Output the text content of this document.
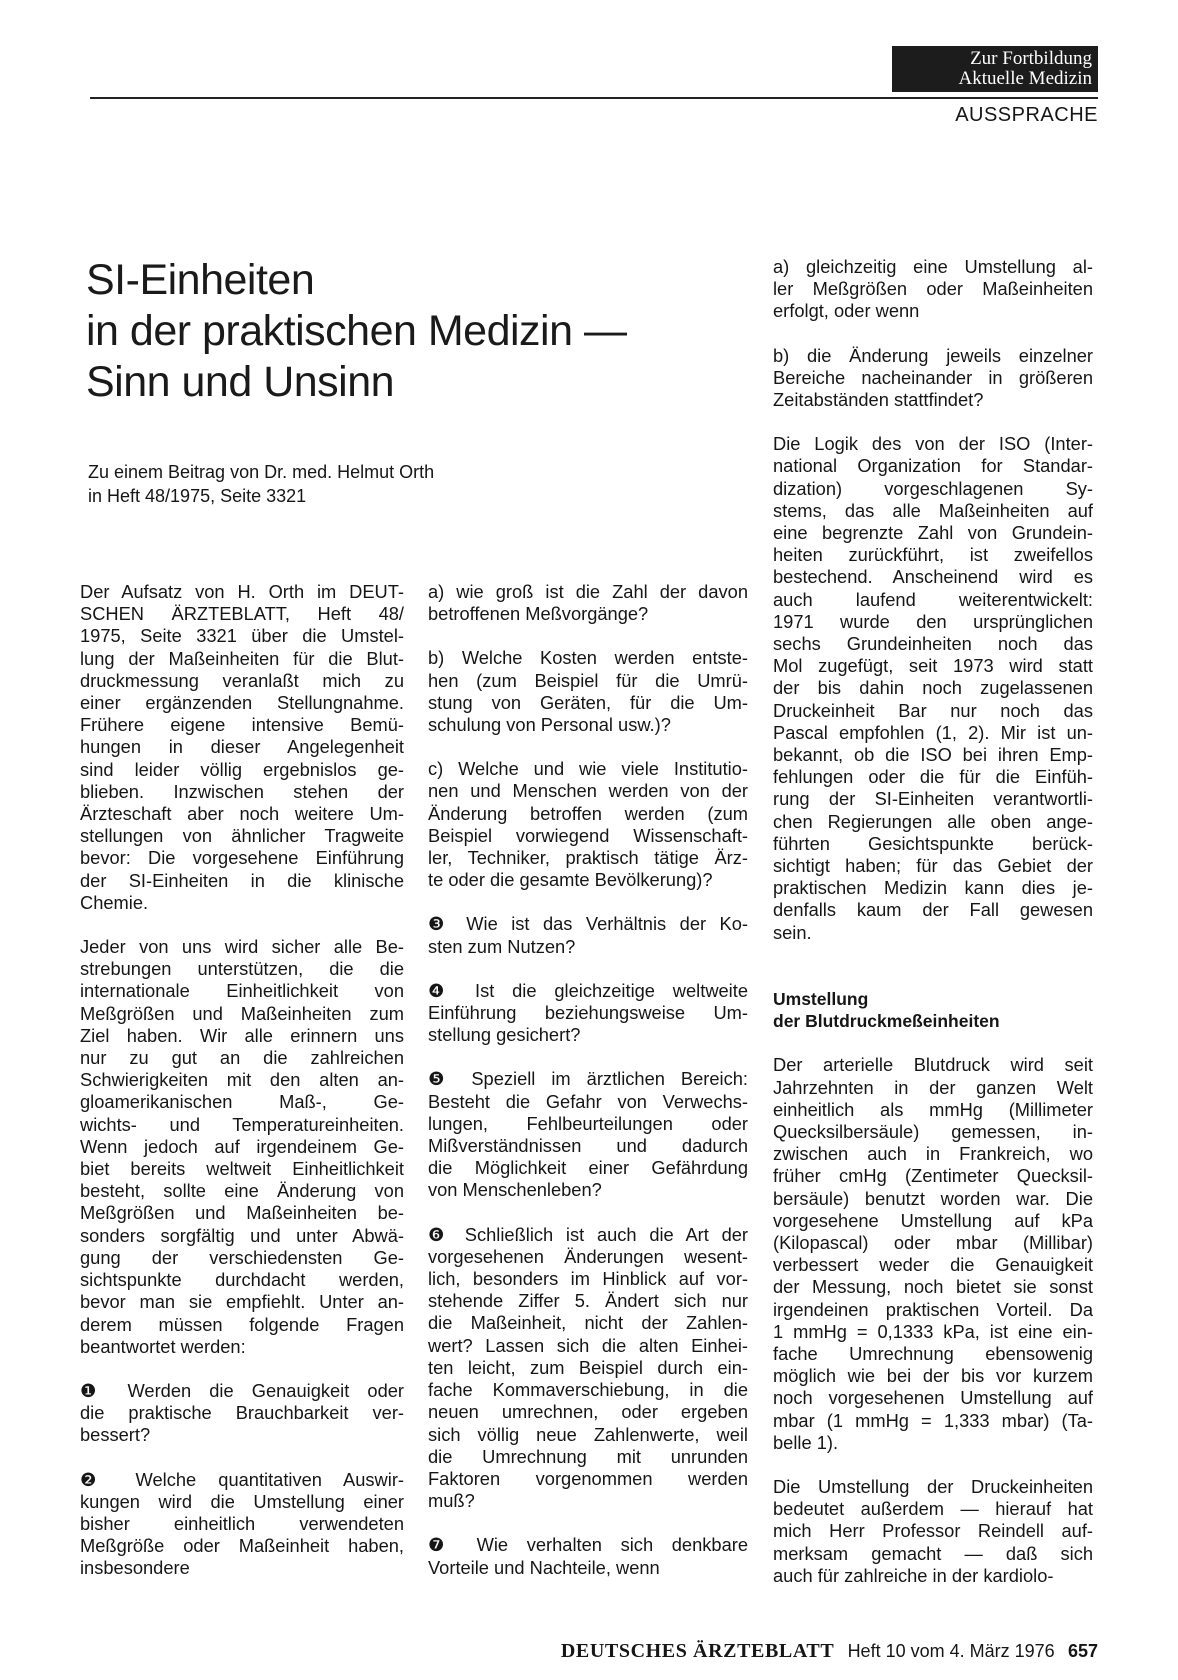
Zur Fortbildung
Aktuelle Medizin
AUSSPRACHE
SI-Einheiten
in der praktischen Medizin —
Sinn und Unsinn
Zu einem Beitrag von Dr. med. Helmut Orth
in Heft 48/1975, Seite 3321
Der Aufsatz von H. Orth im DEUT-
SCHEN ÄRZTEBLATT, Heft 48/
1975, Seite 3321 über die Umstel-
lung der Maßeinheiten für die Blut-
druckmessung veranlaßt mich zu
einer ergänzenden Stellungnahme.
Frühere eigene intensive Bemü-
hungen in dieser Angelegenheit
sind leider völlig ergebnislos ge-
blieben. Inzwischen stehen der
Ärzteschaft aber noch weitere Um-
stellungen von ähnlicher Tragweite
bevor: Die vorgesehene Einführung
der SI-Einheiten in die klinische
Chemie.
Jeder von uns wird sicher alle Be-
strebungen unterstützen, die die
internationale Einheitlichkeit von
Meßgrößen und Maßeinheiten zum
Ziel haben. Wir alle erinnern uns
nur zu gut an die zahlreichen
Schwierigkeiten mit den alten an-
gloamerikanischen Maß-, Ge-
wichts- und Temperatureinheiten.
Wenn jedoch auf irgendeinem Ge-
biet bereits weltweit Einheitlichkeit
besteht, sollte eine Änderung von
Meßgrößen und Maßeinheiten be-
sonders sorgfältig und unter Abwä-
gung der verschiedensten Ge-
sichtspunkte durchdacht werden,
bevor man sie empfiehlt. Unter an-
derem müssen folgende Fragen
beantwortet werden:
❶ Werden die Genauigkeit oder
die praktische Brauchbarkeit ver-
bessert?
❷ Welche quantitativen Auswir-
kungen wird die Umstellung einer
bisher einheitlich verwendeten
Meßgröße oder Maßeinheit haben,
insbesondere
a) wie groß ist die Zahl der davon
betroffenen Meßvorgänge?
b) Welche Kosten werden entste-
hen (zum Beispiel für die Umrü-
stung von Geräten, für die Um-
schulung von Personal usw.)?
c) Welche und wie viele Institutio-
nen und Menschen werden von der
Änderung betroffen werden (zum
Beispiel vorwiegend Wissenschaft-
ler, Techniker, praktisch tätige Ärz-
te oder die gesamte Bevölkerung)?
❸ Wie ist das Verhältnis der Ko-
sten zum Nutzen?
❹ Ist die gleichzeitige weltweite
Einführung beziehungsweise Um-
stellung gesichert?
❺ Speziell im ärztlichen Bereich:
Besteht die Gefahr von Verwechs-
lungen, Fehlbeurteilungen oder
Mißverständnissen und dadurch
die Möglichkeit einer Gefährdung
von Menschenleben?
❻ Schließlich ist auch die Art der
vorgesehenen Änderungen wesent-
lich, besonders im Hinblick auf vor-
stehende Ziffer 5. Ändert sich nur
die Maßeinheit, nicht der Zahlen-
wert? Lassen sich die alten Einhei-
ten leicht, zum Beispiel durch ein-
fache Kommaverschiebung, in die
neuen umrechnen, oder ergeben
sich völlig neue Zahlenwerte, weil
die Umrechnung mit unrunden
Faktoren vorgenommen werden
muß?
❼ Wie verhalten sich denkbare
Vorteile und Nachteile, wenn
a) gleichzeitig eine Umstellung al-
ler Meßgrößen oder Maßeinheiten
erfolgt, oder wenn
b) die Änderung jeweils einzelner
Bereiche nacheinander in größeren
Zeitabständen stattfindet?
Die Logik des von der ISO (Inter-
national Organization for Standar-
dization) vorgeschlagenen Sy-
stems, das alle Maßeinheiten auf
eine begrenzte Zahl von Grundein-
heiten zurückführt, ist zweifellos
bestechend. Anscheinend wird es
auch laufend weiterentwickelt:
1971 wurde den ursprünglichen
sechs Grundeinheiten noch das
Mol zugefügt, seit 1973 wird statt
der bis dahin noch zugelassenen
Druckeinheit Bar nur noch das
Pascal empfohlen (1, 2). Mir ist un-
bekannt, ob die ISO bei ihren Emp-
fehlungen oder die für die Einfüh-
rung der SI-Einheiten verantwortli-
chen Regierungen alle oben ange-
führten Gesichtspunkte berück-
sichtigt haben; für das Gebiet der
praktischen Medizin kann dies je-
denfalls kaum der Fall gewesen
sein.
Umstellung
der Blutdruckmeßeinheiten
Der arterielle Blutdruck wird seit
Jahrzehnten in der ganzen Welt
einheitlich als mmHg (Millimeter
Quecksilbersäule) gemessen, in-
zwischen auch in Frankreich, wo
früher cmHg (Zentimeter Quecksil-
bersäule) benutzt worden war. Die
vorgesehene Umstellung auf kPa
(Kilopascal) oder mbar (Millibar)
verbessert weder die Genauigkeit
der Messung, noch bietet sie sonst
irgendeinen praktischen Vorteil. Da
1 mmHg = 0,1333 kPa, ist eine ein-
fache Umrechnung ebensowenig
möglich wie bei der bis vor kurzem
noch vorgesehenen Umstellung auf
mbar (1 mmHg = 1,333 mbar) (Ta-
belle 1).
Die Umstellung der Druckeinheiten
bedeutet außerdem — hierauf hat
mich Herr Professor Reindell auf-
merksam gemacht — daß sich
auch für zahlreiche in der kardiolo-
DEUTSCHES ÄRZTEBLATT Heft 10 vom 4. März 1976 657
